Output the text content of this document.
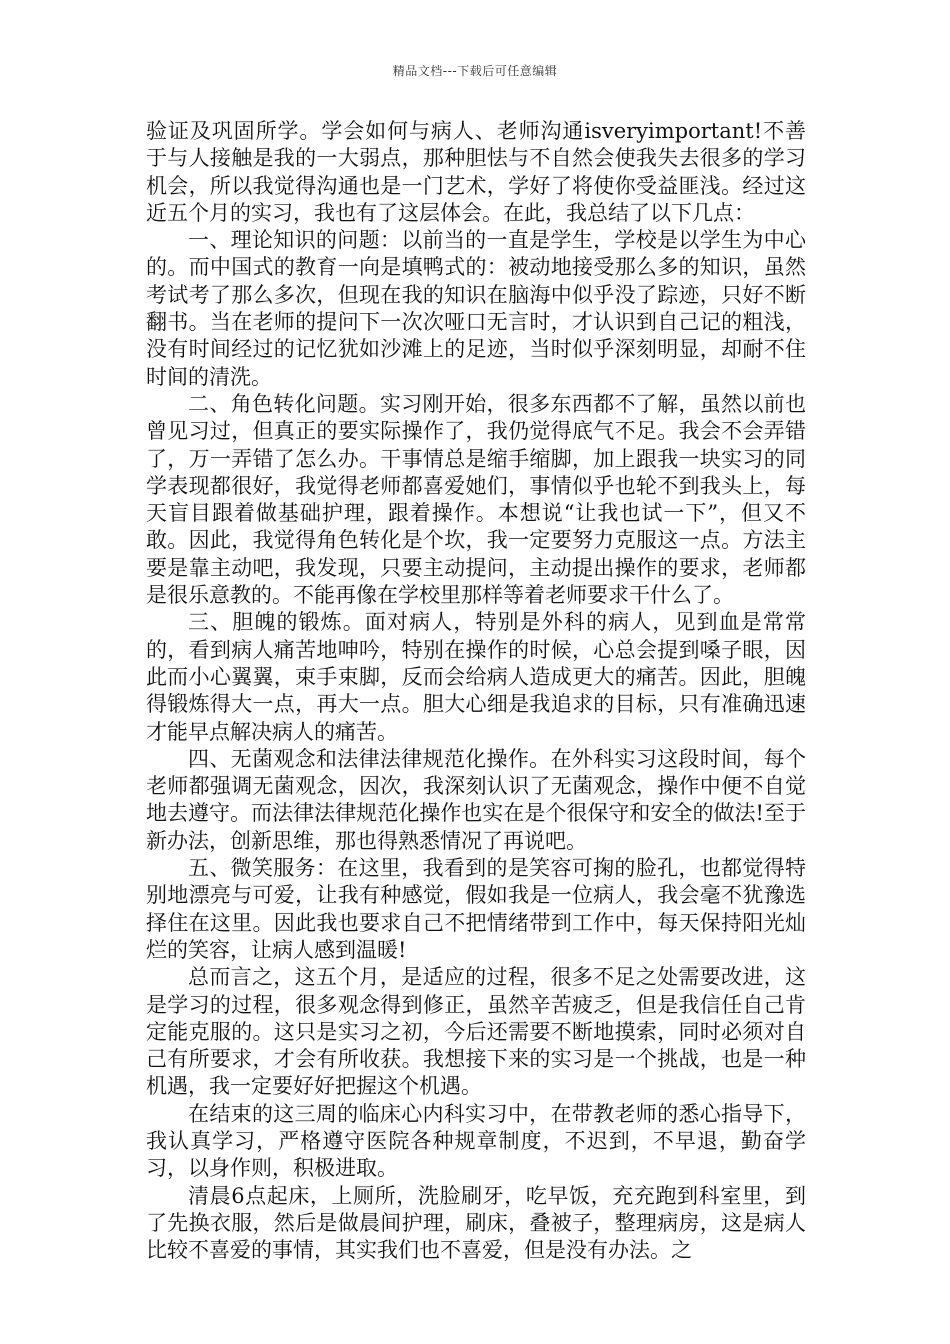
精品文档---下载后可任意编辑

验证及巩固所学。学会如何与病人、老师沟通isveryimportant!不善于与人接触是我的一大弱点，那种胆怯与不自然会使我失去很多的学习机会，所以我觉得沟通也是一门艺术，学好了将使你受益匪浅。经过这近五个月的实习，我也有了这层体会。在此，我总结了以下几点：

一、理论知识的问题：以前当的一直是学生，学校是以学生为中心的。而中国式的教育一向是填鸭式的：被动地接受那么多的知识，虽然考试考了那么多次，但现在我的知识在脑海中似乎没了踪迹，只好不断翻书。当在老师的提问下一次次哑口无言时，才认识到自己记的粗浅，没有时间经过的记忆犹如沙滩上的足迹，当时似乎深刻明显，却耐不住时间的清洗。

二、角色转化问题。实习刚开始，很多东西都不了解，虽然以前也曾见习过，但真正的要实际操作了，我仍觉得底气不足。我会不会弄错了，万一弄错了怎么办。干事情总是缩手缩脚，加上跟我一块实习的同学表现都很好，我觉得老师都喜爱她们，事情似乎也轮不到我头上，每天盲目跟着做基础护理，跟着操作。本想说“让我也试一下”，但又不敢。因此，我觉得角色转化是个坎，我一定要努力克服这一点。方法主要是靠主动吧，我发现，只要主动提问，主动提出操作的要求，老师都是很乐意教的。不能再像在学校里那样等着老师要求干什么了。

三、胆魄的锻炼。面对病人，特别是外科的病人，见到血是常常的，看到病人痛苦地呻吟，特别在操作的时候，心总会提到嗓子眼，因此而小心翼翼，束手束脚，反而会给病人造成更大的痛苦。因此，胆魄得锻炼得大一点，再大一点。胆大心细是我追求的目标，只有准确迅速才能早点解决病人的痛苦。

四、无菌观念和法律法律规范化操作。在外科实习这段时间，每个老师都强调无菌观念，因次，我深刻认识了无菌观念，操作中便不自觉地去遵守。而法律法律规范化操作也实在是个很保守和安全的做法!至于新办法，创新思维，那也得熟悉情况了再说吧。

五、微笑服务：在这里，我看到的是笑容可掬的脸孔，也都觉得特别地漂亮与可爱，让我有种感觉，假如我是一位病人，我会毫不犹豫选择住在这里。因此我也要求自己不把情绪带到工作中，每天保持阳光灿烂的笑容，让病人感到温暖!

总而言之，这五个月，是适应的过程，很多不足之处需要改进，这是学习的过程，很多观念得到修正，虽然辛苦疲乏，但是我信任自己肯定能克服的。这只是实习之初，今后还需要不断地摸索，同时必须对自己有所要求，才会有所收获。我想接下来的实习是一个挑战，也是一种机遇，我一定要好好把握这个机遇。

在结束的这三周的临床心内科实习中，在带教老师的悉心指导下，我认真学习，严格遵守医院各种规章制度，不迟到，不早退，勤奋学习，以身作则，积极进取。

清晨6点起床，上厕所，洗脸刷牙，吃早饭，充充跑到科室里，到了先换衣服，然后是做晨间护理，刷床，叠被子，整理病房，这是病人比较不喜爱的事情，其实我们也不喜爱，但是没有办法。之
